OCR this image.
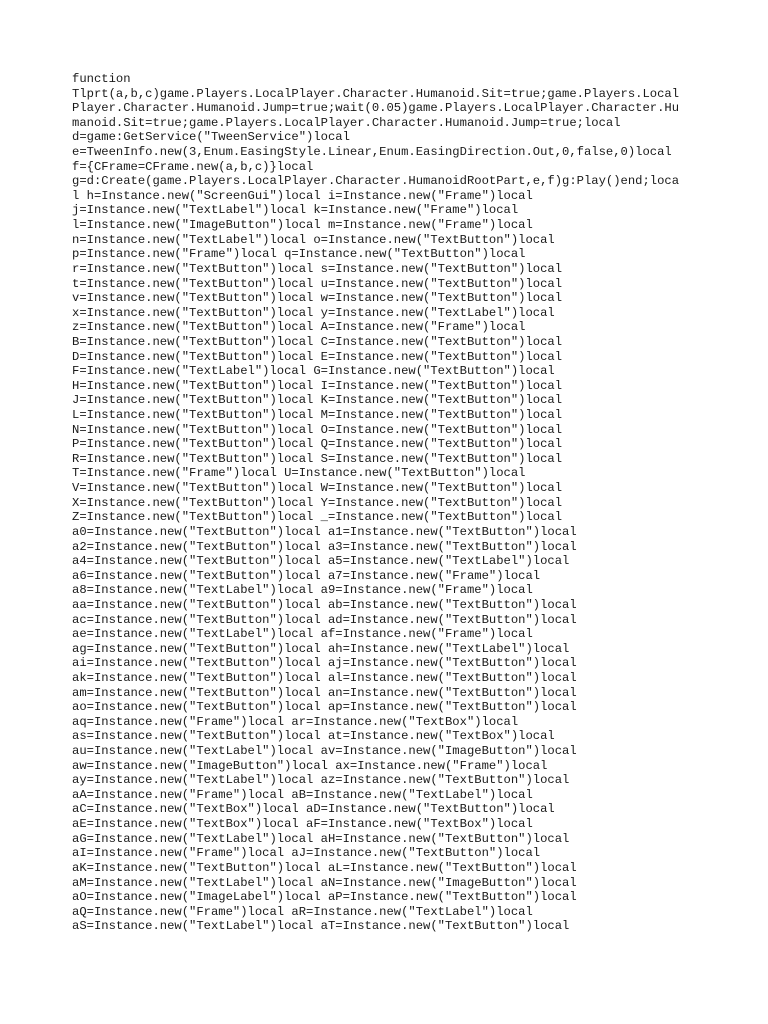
function
Tlprt(a,b,c)game.Players.LocalPlayer.Character.Humanoid.Sit=true;game.Players.Local
Player.Character.Humanoid.Jump=true;wait(0.05)game.Players.LocalPlayer.Character.Hu
manoid.Sit=true;game.Players.LocalPlayer.Character.Humanoid.Jump=true;local
d=game:GetService("TweenService")local
e=TweenInfo.new(3,Enum.EasingStyle.Linear,Enum.EasingDirection.Out,0,false,0)local
f={CFrame=CFrame.new(a,b,c)}local
g=d:Create(game.Players.LocalPlayer.Character.HumanoidRootPart,e,f)g:Play()end;loca
l h=Instance.new("ScreenGui")local i=Instance.new("Frame")local
j=Instance.new("TextLabel")local k=Instance.new("Frame")local
l=Instance.new("ImageButton")local m=Instance.new("Frame")local
n=Instance.new("TextLabel")local o=Instance.new("TextButton")local
p=Instance.new("Frame")local q=Instance.new("TextButton")local
r=Instance.new("TextButton")local s=Instance.new("TextButton")local
t=Instance.new("TextButton")local u=Instance.new("TextButton")local
v=Instance.new("TextButton")local w=Instance.new("TextButton")local
x=Instance.new("TextButton")local y=Instance.new("TextLabel")local
z=Instance.new("TextButton")local A=Instance.new("Frame")local
B=Instance.new("TextButton")local C=Instance.new("TextButton")local
D=Instance.new("TextButton")local E=Instance.new("TextButton")local
F=Instance.new("TextLabel")local G=Instance.new("TextButton")local
H=Instance.new("TextButton")local I=Instance.new("TextButton")local
J=Instance.new("TextButton")local K=Instance.new("TextButton")local
L=Instance.new("TextButton")local M=Instance.new("TextButton")local
N=Instance.new("TextButton")local O=Instance.new("TextButton")local
P=Instance.new("TextButton")local Q=Instance.new("TextButton")local
R=Instance.new("TextButton")local S=Instance.new("TextButton")local
T=Instance.new("Frame")local U=Instance.new("TextButton")local
V=Instance.new("TextButton")local W=Instance.new("TextButton")local
X=Instance.new("TextButton")local Y=Instance.new("TextButton")local
Z=Instance.new("TextButton")local _=Instance.new("TextButton")local
a0=Instance.new("TextButton")local a1=Instance.new("TextButton")local
a2=Instance.new("TextButton")local a3=Instance.new("TextButton")local
a4=Instance.new("TextButton")local a5=Instance.new("TextLabel")local
a6=Instance.new("TextButton")local a7=Instance.new("Frame")local
a8=Instance.new("TextLabel")local a9=Instance.new("Frame")local
aa=Instance.new("TextButton")local ab=Instance.new("TextButton")local
ac=Instance.new("TextButton")local ad=Instance.new("TextButton")local
ae=Instance.new("TextLabel")local af=Instance.new("Frame")local
ag=Instance.new("TextButton")local ah=Instance.new("TextLabel")local
ai=Instance.new("TextButton")local aj=Instance.new("TextButton")local
ak=Instance.new("TextButton")local al=Instance.new("TextButton")local
am=Instance.new("TextButton")local an=Instance.new("TextButton")local
ao=Instance.new("TextButton")local ap=Instance.new("TextButton")local
aq=Instance.new("Frame")local ar=Instance.new("TextBox")local
as=Instance.new("TextButton")local at=Instance.new("TextBox")local
au=Instance.new("TextLabel")local av=Instance.new("ImageButton")local
aw=Instance.new("ImageButton")local ax=Instance.new("Frame")local
ay=Instance.new("TextLabel")local az=Instance.new("TextButton")local
aA=Instance.new("Frame")local aB=Instance.new("TextLabel")local
aC=Instance.new("TextBox")local aD=Instance.new("TextButton")local
aE=Instance.new("TextBox")local aF=Instance.new("TextBox")local
aG=Instance.new("TextLabel")local aH=Instance.new("TextButton")local
aI=Instance.new("Frame")local aJ=Instance.new("TextButton")local
aK=Instance.new("TextButton")local aL=Instance.new("TextButton")local
aM=Instance.new("TextLabel")local aN=Instance.new("ImageButton")local
aO=Instance.new("ImageLabel")local aP=Instance.new("TextButton")local
aQ=Instance.new("Frame")local aR=Instance.new("TextLabel")local
aS=Instance.new("TextLabel")local aT=Instance.new("TextButton")local
